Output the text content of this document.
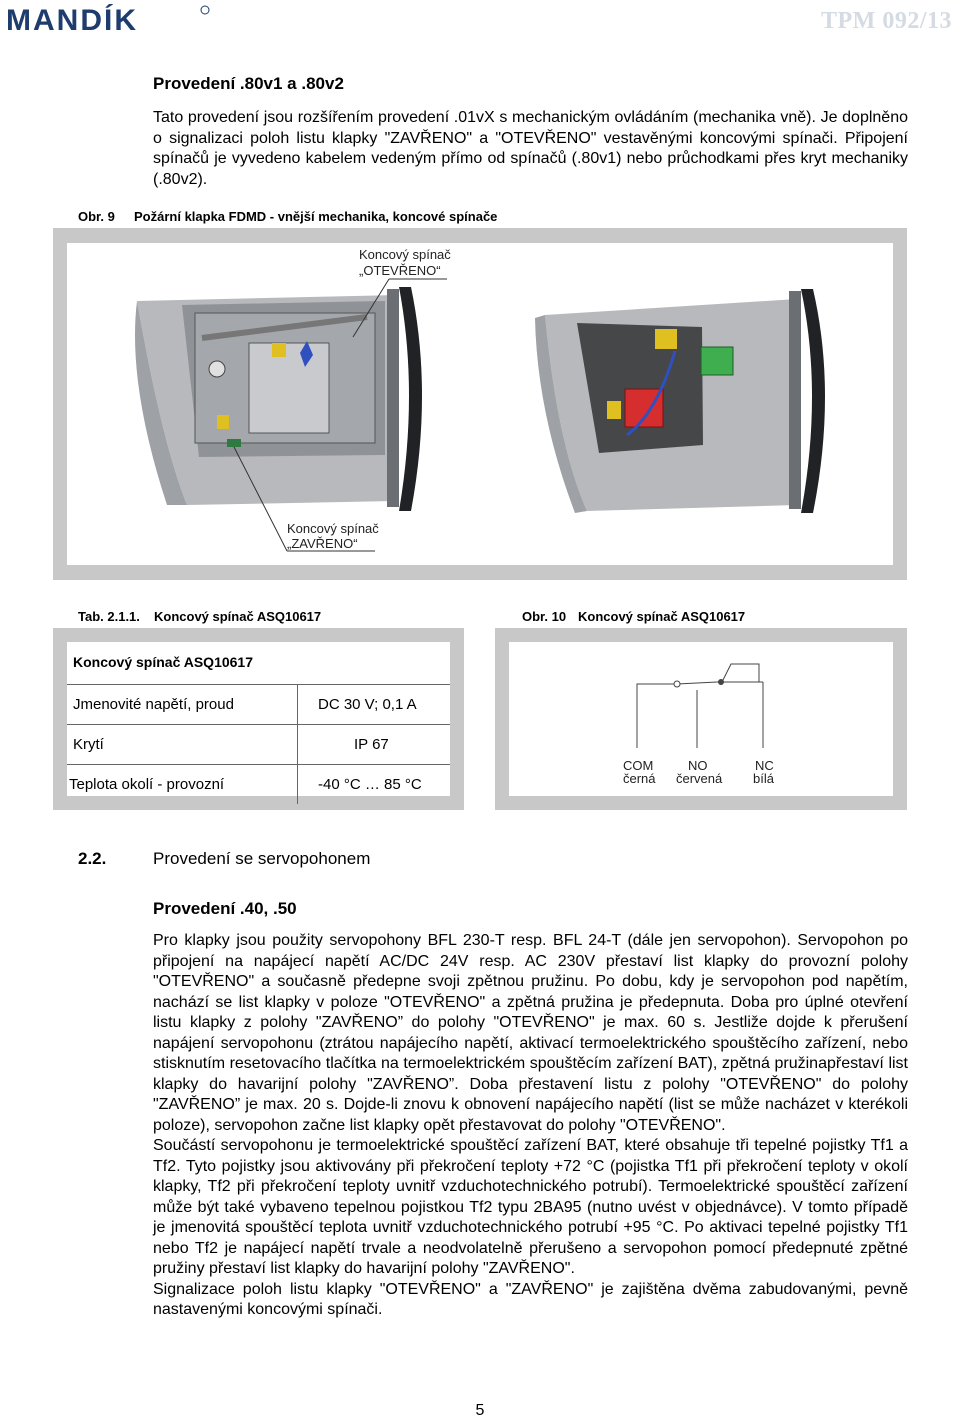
MANDÍK	TPM 092/13
Provedení .80v1 a .80v2

Tato provedení jsou rozšířením provedení .01vX s mechanickým ovládáním (mechanika vně). Je doplněno o signalizaci poloh listu klapky "ZAVŘENO" a "OTEVŘENO" vestavěnými koncovými spínači. Připojení spínačů je vyvedeno kabelem vedeným přímo od spínačů (.80v1) nebo průchodkami přes kryt mechaniky (.80v2).

Obr. 9 Požární klapka FDMD - vnější mechanika, koncové spínače
Koncový spínač
„OTEVŘENO“
Koncový spínač
„ZAVŘENO“
Tab. 2.1.1. Koncový spínač ASQ10617	Obr. 10 Koncový spínač ASQ10617
Koncový spínač ASQ10617
Jmenovité napětí, proud	DC 30 V; 0,1 A
Krytí	IP 67
Teplota okolí - provozní	-40 °C … 85 °C
COM
černá
NO
červená
NC
bílá
2.2.	Provedení se servopohonem
Provedení .40, .50

Pro klapky jsou použity servopohony BFL 230-T resp. BFL 24-T (dále jen servopohon). Servopohon po připojení na napájecí napětí AC/DC 24V resp. AC 230V přestaví list klapky do provozní polohy "OTEVŘENO" a současně předepne svoji zpětnou pružinu. Po dobu, kdy je servopohon pod napětím, nachází se list klapky v poloze "OTEVŘENO" a zpětná pružina je předepnuta. Doba pro úplné otevření listu klapky z polohy "ZAVŘENO” do polohy "OTEVŘENO" je max. 60 s. Jestliže dojde k přerušení napájení servopohonu (ztrátou napájecího napětí, aktivací termoelektrického spouštěcího zařízení, nebo stisknutím resetovacího tlačítka na termoelektrickém spouštěcím zařízení BAT), zpětná pružinapřestaví list klapky do havarijní polohy "ZAVŘENO”. Doba přestavení listu z polohy "OTEVŘENO" do polohy "ZAVŘENO” je max. 20 s. Dojde-li znovu k obnovení napájecího napětí (list se může nacházet v kterékoli poloze), servopohon začne list klapky opět přestavovat do polohy "OTEVŘENO".

Součástí servopohonu je termoelektrické spouštěcí zařízení BAT, které obsahuje tři tepelné pojistky Tf1 a Tf2. Tyto pojistky jsou aktivovány při překročení teploty +72 °C (pojistka Tf1 při překročení teploty v okolí klapky, Tf2 při překročení teploty uvnitř vzduchotechnického potrubí). Termoelektrické spouštěcí zařízení může být také vybaveno tepelnou pojistkou Tf2 typu 2BA95 (nutno uvést v objednávce). V tomto případě je jmenovitá spouštěcí teplota uvnitř vzduchotechnického potrubí +95 °C. Po aktivaci tepelné pojistky Tf1 nebo Tf2 je napájecí napětí trvale a neodvolatelně přerušeno a servopohon pomocí předepnuté zpětné pružiny přestaví list klapky do havarijní polohy "ZAVŘENO".

Signalizace poloh listu klapky "OTEVŘENO" a "ZAVŘENO" je zajištěna dvěma zabudovanými, pevně nastavenými koncovými spínači.

5
